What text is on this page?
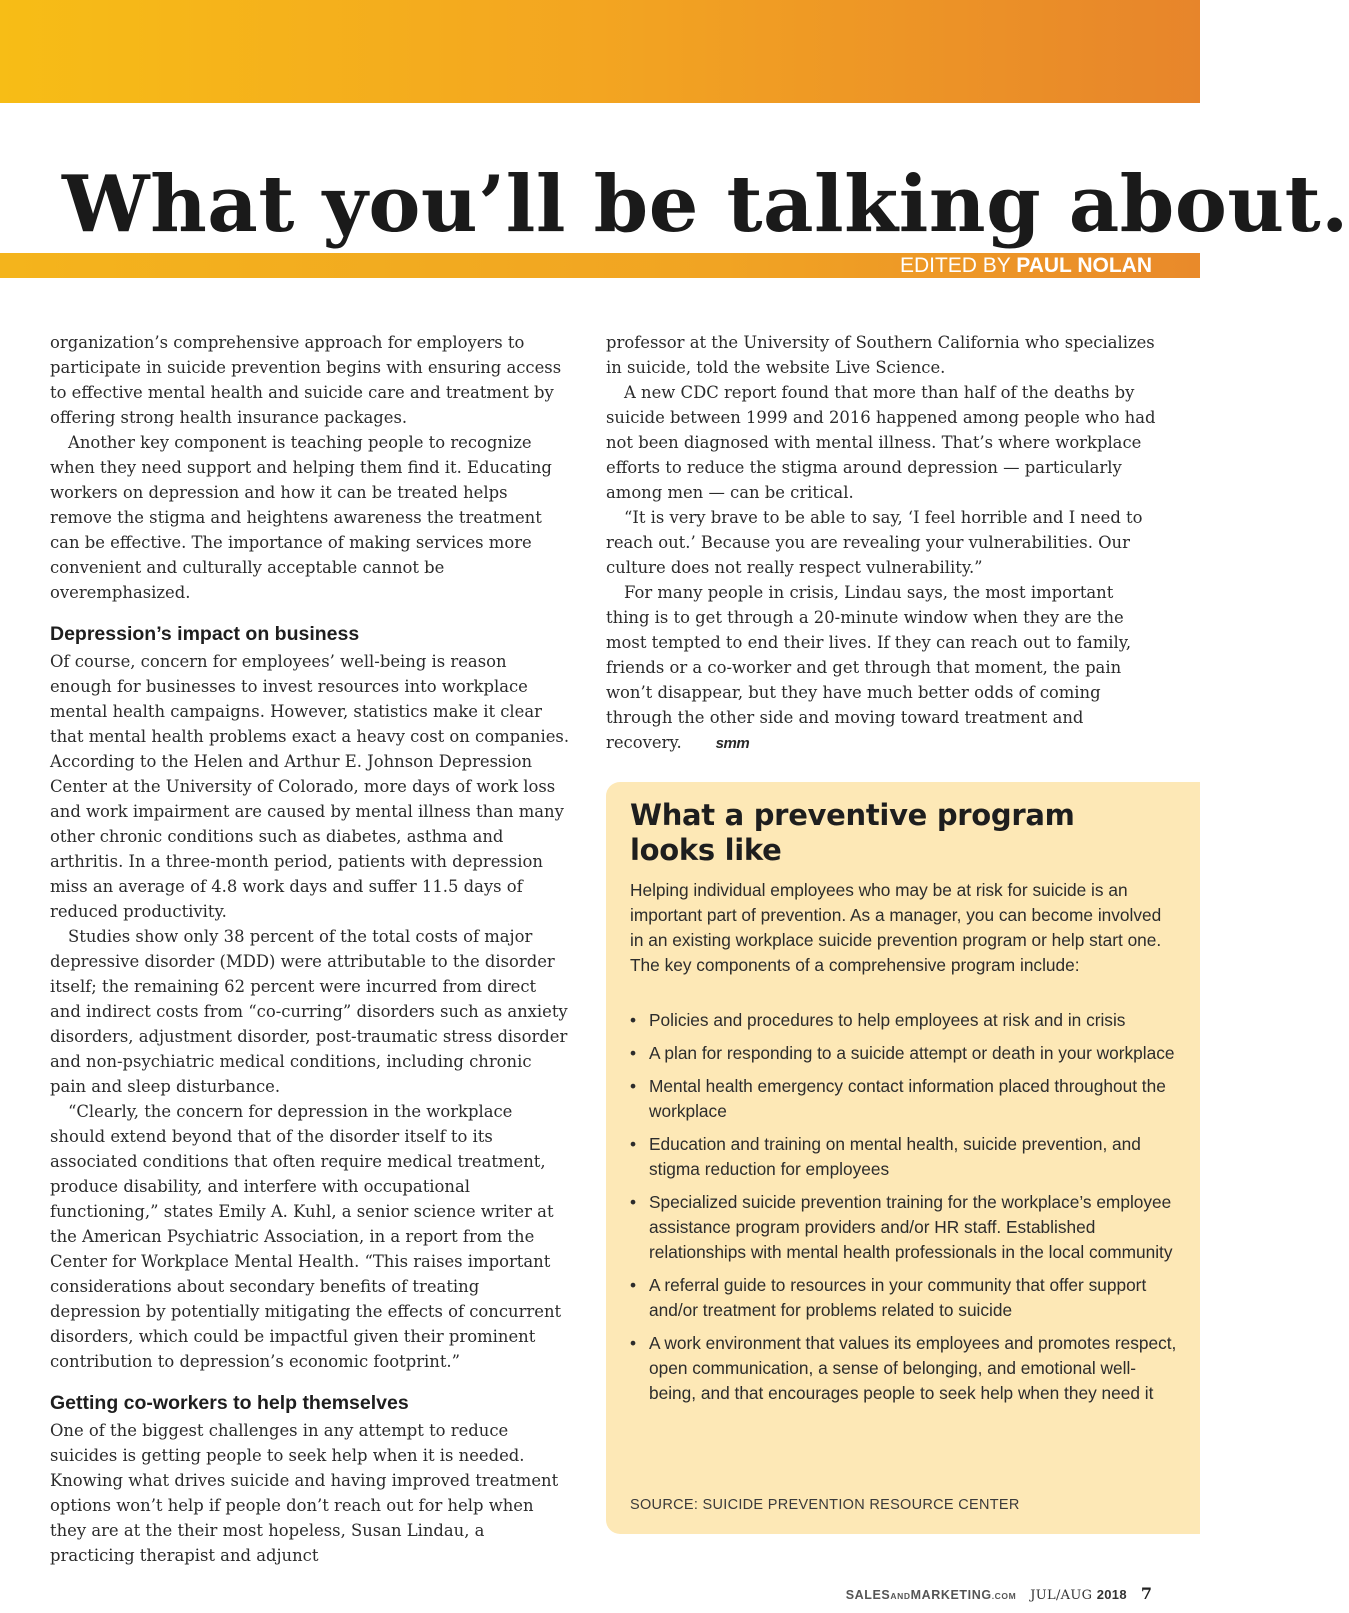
What you’ll be talking about.
EDITED BY PAUL NOLAN

organization’s comprehensive approach for employers to participate in suicide prevention begins with ensuring access to effective mental health and suicide care and treatment by offering strong health insurance packages.

Another key component is teaching people to recognize when they need support and helping them find it. Educating workers on depression and how it can be treated helps remove the stigma and heightens awareness the treatment can be effective. The importance of making services more convenient and culturally acceptable cannot be overemphasized.

Depression’s impact on business

Of course, concern for employees’ well-being is reason enough for businesses to invest resources into workplace mental health campaigns. However, statistics make it clear that mental health problems exact a heavy cost on companies. According to the Helen and Arthur E. Johnson Depression Center at the University of Colorado, more days of work loss and work impairment are caused by mental illness than many other chronic conditions such as diabetes, asthma and arthritis. In a three-month period, patients with depression miss an average of 4.8 work days and suffer 11.5 days of reduced productivity.

Studies show only 38 percent of the total costs of major depressive disorder (MDD) were attributable to the disorder itself; the remaining 62 percent were incurred from direct and indirect costs from “co-curring” disorders such as anxiety disorders, adjustment disorder, post-traumatic stress disorder and non-psychiatric medical conditions, including chronic pain and sleep disturbance.

“Clearly, the concern for depression in the workplace should extend beyond that of the disorder itself to its associated conditions that often require medical treatment, produce disability, and interfere with occupational functioning,” states Emily A. Kuhl, a senior science writer at the American Psychiatric Association, in a report from the Center for Workplace Mental Health. “This raises important considerations about secondary benefits of treating depression by potentially mitigating the effects of concurrent disorders, which could be impactful given their prominent contribution to depression’s economic footprint.”

Getting co-workers to help themselves

One of the biggest challenges in any attempt to reduce suicides is getting people to seek help when it is needed. Knowing what drives suicide and having improved treatment options won’t help if people don’t reach out for help when they are at the their most hopeless, Susan Lindau, a practicing therapist and adjunct

professor at the University of Southern California who specializes in suicide, told the website Live Science.

A new CDC report found that more than half of the deaths by suicide between 1999 and 2016 happened among people who had not been diagnosed with mental illness. That’s where workplace efforts to reduce the stigma around depression — particularly among men — can be critical.

“It is very brave to be able to say, ‘I feel horrible and I need to reach out.’ Because you are revealing your vulnerabilities. Our culture does not really respect vulnerability.”

For many people in crisis, Lindau says, the most important thing is to get through a 20-minute window when they are the most tempted to end their lives. If they can reach out to family, friends or a co-worker and get through that moment, the pain won’t disappear, but they have much better odds of coming through the other side and moving toward treatment and recovery. smm

What a preventive program looks like

Helping individual employees who may be at risk for suicide is an important part of prevention. As a manager, you can become involved in an existing workplace suicide prevention program or help start one. The key components of a comprehensive program include:

• Policies and procedures to help employees at risk and in crisis
• A plan for responding to a suicide attempt or death in your workplace
• Mental health emergency contact information placed throughout the workplace
• Education and training on mental health, suicide prevention, and stigma reduction for employees
• Specialized suicide prevention training for the workplace’s employee assistance program providers and/or HR staff. Established relationships with mental health professionals in the local community
• A referral guide to resources in your community that offer support and/or treatment for problems related to suicide
• A work environment that values its employees and promotes respect, open communication, a sense of belonging, and emotional well-being, and that encourages people to seek help when they need it
SOURCE: SUICIDE PREVENTION RESOURCE CENTER
SALESANDMARKETING.COM JUL/AUG 2018 7
